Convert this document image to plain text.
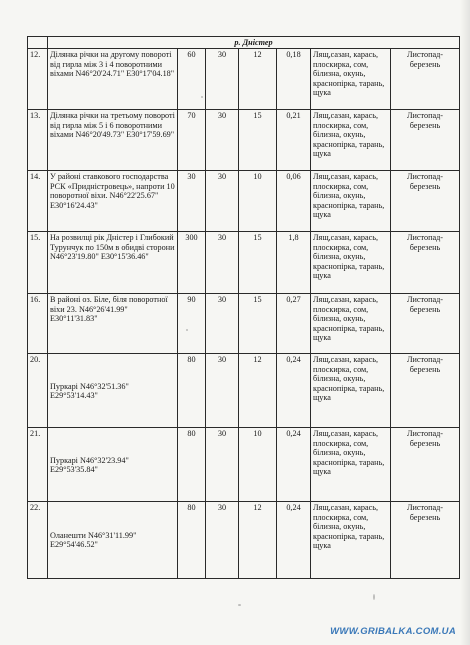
	р. Дністер						
12.	Ділянка річки на другому повороті від гирла між 3 і 4 поворотними віхами N46°20'24.71" E30°17'04.18"	60	30	12	0,18	Лящ,сазан, карась, плоскирка, сом, білизна, окунь, краснопірка, тарань, щука	Листопад-березень
13.	Ділянка річки на третьому повороті від гирла між 5 і 6 поворотними віхами N46°20'49.73" E30°17'59.69"	70	30	15	0,21	Лящ,сазан, карась, плоскирка, сом, білизна, окунь, краснопірка, тарань, щука	Листопад-березень
14.	У районі ставкового господарства РСК «Придністровець», напроти 10 поворотної віхи. N46°22'25.67" E30°16'24.43"	30	30	10	0,06	Лящ,сазан, карась, плоскирка, сом, білизна, окунь, краснопірка, тарань, щука	Листопад-березень
15.	На розвилці рік Дністер і Глибокий Турунчук по 150м в обидві сторони N46°23'19.80" E30°15'36.46"	300	30	15	1,8	Лящ,сазан, карась, плоскирка, сом, білизна, окунь, краснопірка, тарань, щука	Листопад-березень
16.	В районі оз. Біле, біля поворотної віхи 23. N46°26'41.99" E30°11'31.83"	90	30	15	0,27	Лящ,сазан, карась, плоскирка, сом, білизна, окунь, краснопірка, тарань, щука	Листопад-березень
20.	Пуркарі N46°32'51.36" E29°53'14.43"	80	30	12	0,24	Лящ,сазан, карась, плоскирка, сом, білизна, окунь, краснопірка, тарань, щука	Листопад-березень
21.	Пуркарі N46°32'23.94" E29°53'35.84"	80	30	10	0,24	Лящ,сазан, карась, плоскирка, сом, білизна, окунь, краснопірка, тарань, щука	Листопад-березень
22.	Оланешти N46°31'11.99" E29°54'46.52"	80	30	12	0,24	Лящ,сазан, карась, плоскирка, сом, білизна, окунь, краснопірка, тарань, щука	Листопад-березень
WWW.GRIBALKA.COM.UA
